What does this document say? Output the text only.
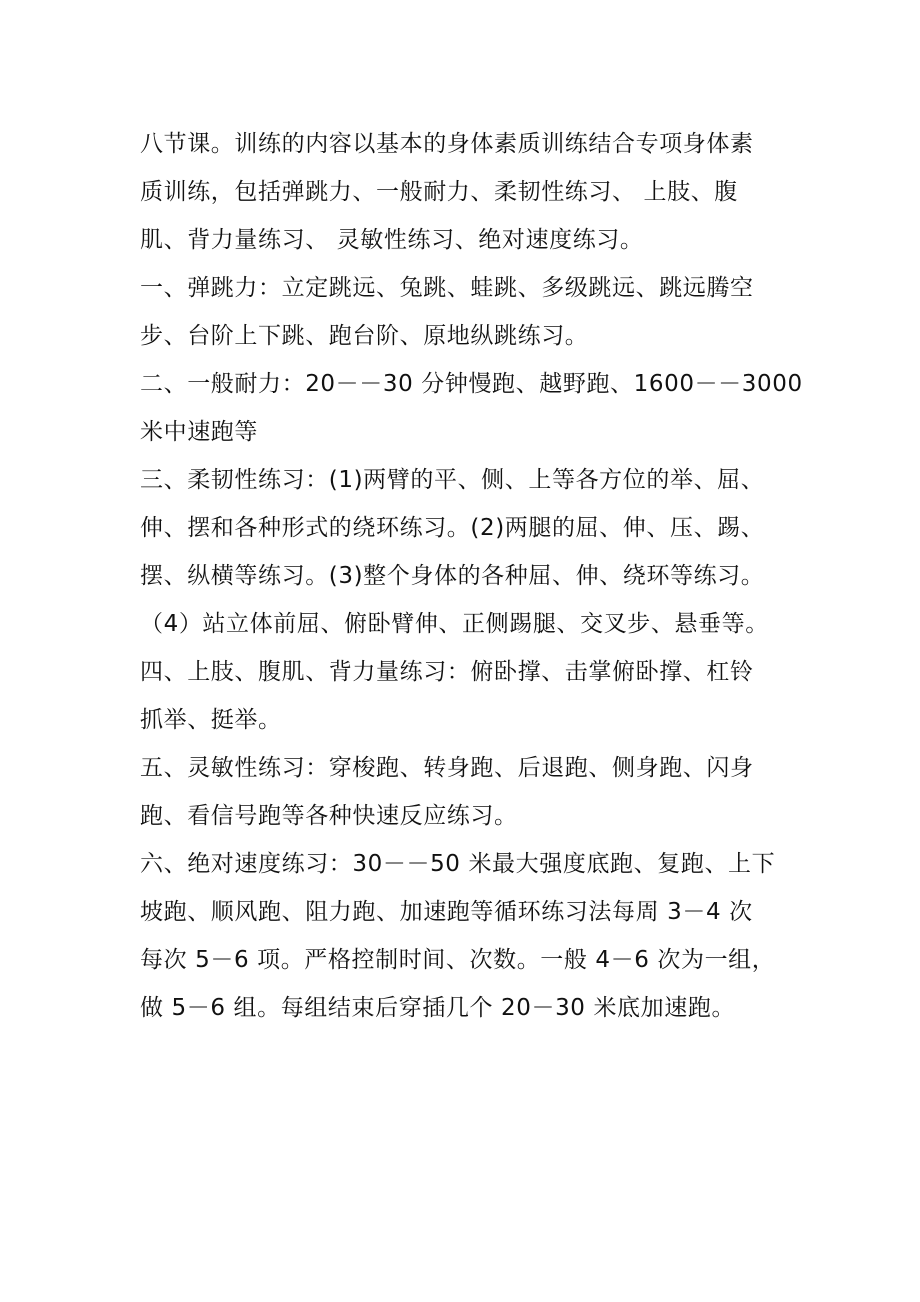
八节课。训练的内容以基本的身体素质训练结合专项身体素
质训练，包括弹跳力、一般耐力、柔韧性练习、 上肢、腹
肌、背力量练习、 灵敏性练习、绝对速度练习。
一、弹跳力：立定跳远、兔跳、蛙跳、多级跳远、跳远腾空
步、台阶上下跳、跑台阶、原地纵跳练习。
二、一般耐力：20－－30 分钟慢跑、越野跑、1600－－3000
米中速跑等
三、柔韧性练习：(1)两臂的平、侧、上等各方位的举、屈、
伸、摆和各种形式的绕环练习。(2)两腿的屈、伸、压、踢、
摆、纵横等练习。(3)整个身体的各种屈、伸、绕环等练习。
（4）站立体前屈、俯卧臂伸、正侧踢腿、交叉步、悬垂等。
四、上肢、腹肌、背力量练习：俯卧撑、击掌俯卧撑、杠铃
抓举、挺举。
五、灵敏性练习：穿梭跑、转身跑、后退跑、侧身跑、闪身
跑、看信号跑等各种快速反应练习。
六、绝对速度练习：30－－50 米最大强度底跑、复跑、上下
坡跑、顺风跑、阻力跑、加速跑等循环练习法每周 3－4 次
每次 5－6 项。严格控制时间、次数。一般 4－6 次为一组，
做 5－6 组。每组结束后穿插几个 20－30 米底加速跑。
